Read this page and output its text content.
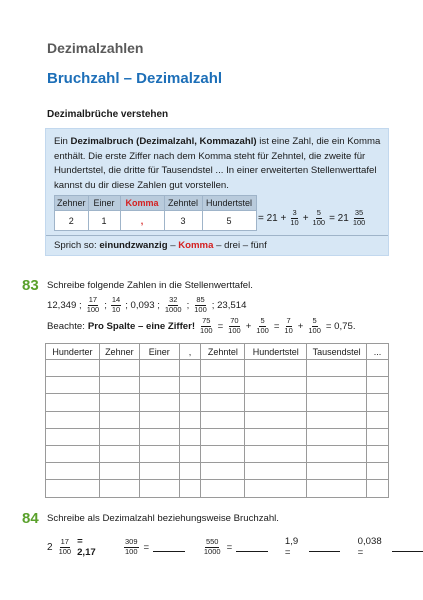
Dezimalzahlen
Bruchzahl – Dezimalzahl
Dezimalbrüche verstehen
Ein Dezimalbruch (Dezimalzahl, Kommazahl) ist eine Zahl, die ein Komma enthält. Die erste Ziffer nach dem Komma steht für Zehntel, die zweite für Hundertstel, die dritte für Tausendstel ... In einer erweiterten Stellenwerttafel kannst du dir diese Zahlen gut vorstellen.
Zehner	Einer	Komma	Zehntel	Hundertstel
2	1	,	3	5	= $21 + \frac{3}{10} + \frac{5}{100} = 21 \frac{35}{100}$
Sprich so: einundzwanzig – Komma – drei – fünf
83 Schreibe folgende Zahlen in die Stellenwerttafel.
12,349 ; $\frac{17}{100}$ ; $\frac{14}{10}$ ; 0,093 ; $\frac{32}{1000}$ ; $\frac{85}{100}$ ; 23,514
Beachte: Pro Spalte – eine Ziffer! $\frac{75}{100} = \frac{70}{100} + \frac{5}{100} = \frac{7}{10} + \frac{5}{100} = 0,75$.
Hunderter	Zehner	Einer	,	Zehntel	Hundertstel	Tausendstel	...

84 Schreibe als Dezimalzahl beziehungsweise Bruchzahl.
$2 \frac{17}{100} = 2,17$	$\frac{309}{100}$ =	$\frac{550}{1000}$ =	1,9 =
0,038 =
